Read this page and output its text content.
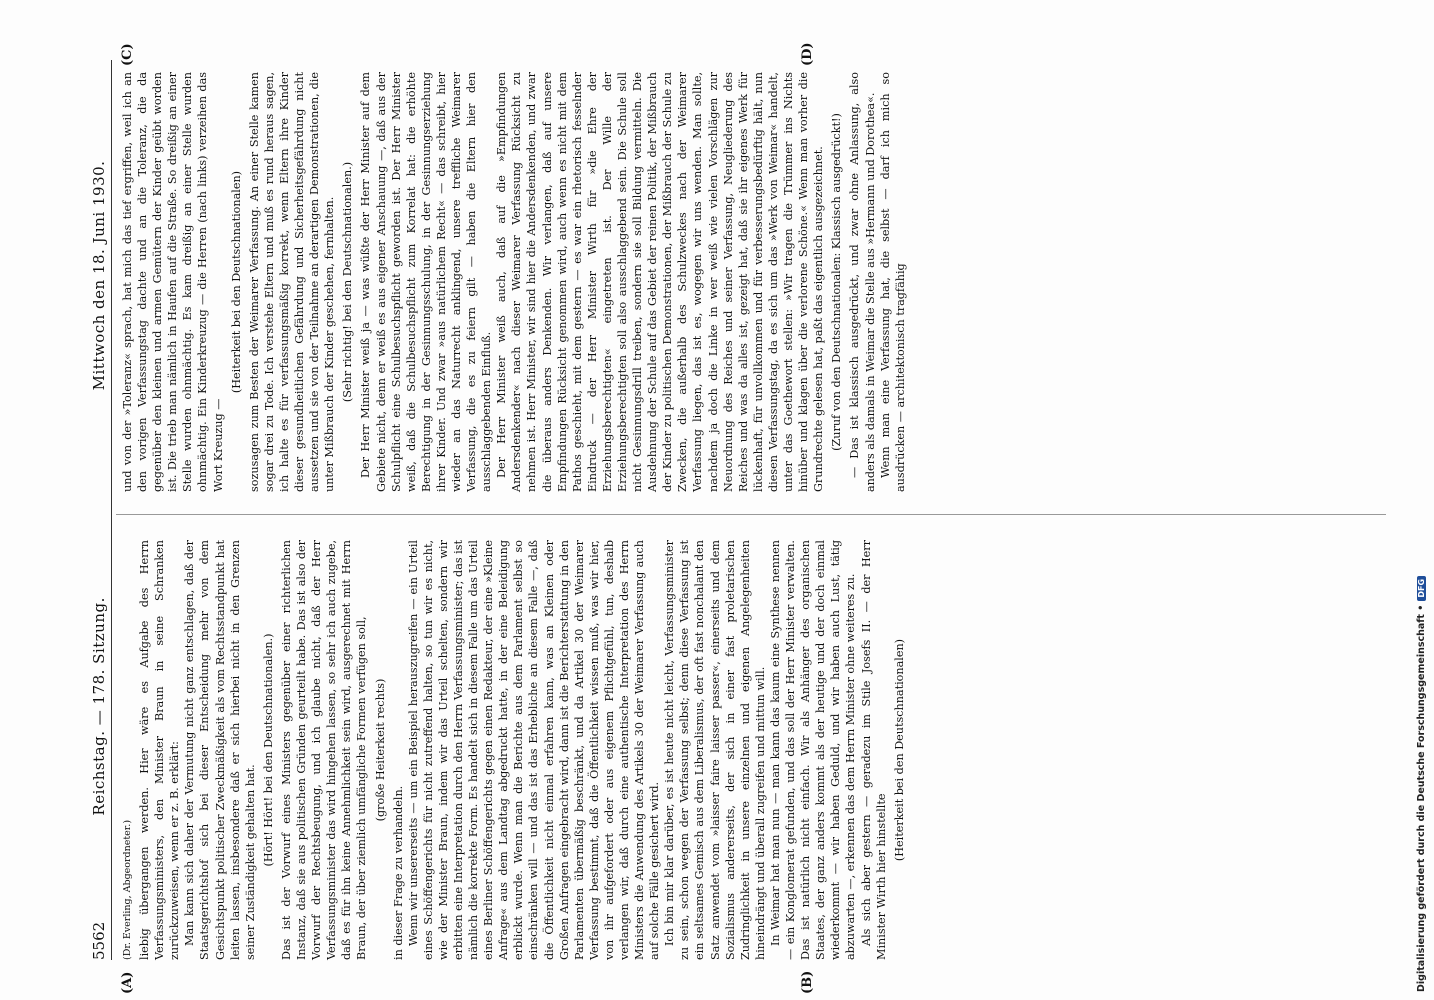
5562
Reichstag. — 178. Sitzung.
Mittwoch den 18. Juni 1930.

(Dr. Everling, Abgeordneter.) liebig übergangen werden. Hier wäre es Aufgabe des Herrn Verfassungsministers, den Minister Braun in seine Schranken zurückzuweisen, wenn er z. B. erklärt: Man kann sich daher der Vermutung nicht ganz entschlagen, daß der Staatsgerichtshof sich bei dieser Entscheidung mehr von dem Gesichtspunkt politischer Zweckmäßigkeit als vom Rechtsstandpunkt hat leiten lassen, insbesondere daß er sich hierbei nicht in den Grenzen seiner Zuständigkeit gehalten hat. (Hört! Hört! bei den Deutschnationalen.) Das ist der Vorwurf eines Ministers gegenüber einer richterlichen Instanz, daß sie aus politischen Gründen geurteilt habe. Das ist also der Vorwurf der Rechtsbeugung, und ich glaube nicht, daß der Herr Verfassungsminister das wird hingehen lassen, so sehr ich auch zugebe, daß es für ihn keine Annehmlichkeit sein wird, ausgerechnet mit Herrn Braun, der über ziemlich umfängliche Formen verfügen soll, (große Heiterkeit rechts)

in dieser Frage zu verhandeln. Wenn wir unsererseits — um ein Beispiel herauszugreifen — ein Urteil eines Schöffengerichts für nicht zutreffend halten, so tun wir es nicht, wie der Minister Braun, indem wir das Urteil schelten, sondern wir erbitten eine Interpretation durch den Herrn Verfassungsminister; das ist nämlich die korrekte Form. Es handelt sich in diesem Falle um das Urteil eines Berliner Schöffengerichts gegen einen Redakteur, der eine »Kleine Anfrage« aus dem Landtag abgedruckt hatte, in der eine Beleidigung erblickt wurde. Wenn man die Berichte aus dem Parlament selbst so einschränken will — und das ist das Erhebliche an diesem Falle —, daß die Öffentlichkeit nicht einmal erfahren kann, was an Kleinen oder Großen Anfragen eingebracht wird, dann ist die Berichterstattung in den Parlamenten übermäßig beschränkt, und da Artikel 30 der Weimarer Verfassung bestimmt, daß die Öffentlichkeit wissen muß, was wir hier, von ihr aufgefordert oder aus eigenem Pflichtgefühl, tun, deshalb verlangen wir, daß durch eine authentische Interpretation des Herrn Ministers die Anwendung des Artikels 30 der Weimarer Verfassung auch auf solche Fälle gesichert wird. Ich bin mir klar darüber, es ist heute nicht leicht, Verfassungsminister zu sein, schon wegen der Verfassung selbst; denn diese Verfassung ist ein seltsames Gemisch aus dem Liberalismus, der oft fast nonchalant den Satz anwendet vom »laisser faire laisser passer«, einerseits und dem Sozialismus andererseits, der sich in einer fast proletarischen Zudringlichkeit in unsere einzelnen und eigenen Angelegenheiten hineindrängt und überall zugreifen und mittun will. In Weimar hat man nun — man kann das kaum eine Synthese nennen — ein Konglomerat gefunden, und das soll der Herr Minister verwalten. Das ist natürlich nicht einfach. Wir als Anhänger des organischen Staates, der ganz anders kommt als der heutige und der doch einmal wiederkommt — wir haben Geduld, und wir haben auch Lust, tätig abzuwarten —, erkennen das dem Herrn Minister ohne weiteres zu. Als sich aber gestern — geradezu im Stile Josefs II. — der Herr Minister Wirth hier hinstellte

(Heiterkeit bei den Deutschnationalen)

und von der »Toleranz« sprach, hat mich das tief ergriffen, weil ich an den vorigen Verfassungstag dachte und an die Toleranz, die da gegenüber den kleinen und armen Gemütern der Kinder geübt worden ist. Die trieb man nämlich in Haufen auf die Straße. So dreißig an einer Stelle wurden ohnmächtig. Es kam dreißig an einer Stelle wurden ohnmächtig. Ein Kinderkreuzug — die Herren (nach links) verzeihen das Wort Kreuzug —

(Heiterkeit bei den Deutschnationalen) sozusagen zum Besten der Weimarer Verfassung. An einer Stelle kamen sogar drei zu Tode. Ich verstehe Eltern und muß es rund heraus sagen, ich halte es für verfassungsmäßig korrekt, wenn Eltern ihre Kinder dieser gesundheitlichen Gefährdung und Sicherheitsgefährdung nicht aussetzen und sie von der Teilnahme an derartigen Demonstrationen, die unter Mißbrauch der Kinder geschehen, fernhalten. (Sehr richtig! bei den Deutschnationalen.) Der Herr Minister weiß ja — was wüßte der Herr Minister auf dem Gebiete nicht, denn er weiß es aus eigener Anschauung —, daß aus der Schulpflicht eine Schulbesuchspflicht geworden ist. Der Herr Minister weiß, daß die Schulbesuchspflicht zum Korrelat hat: die erhöhte Berechtigung in der Gesinnungsschulung, in der Gesinnungserziehung ihrer Kinder. Und zwar »aus natürlichem Recht« — das schreibt, hier wieder an das Naturrecht anklingend, unsere treffliche Weimarer Verfassung, die es zu feiern gilt — haben die Eltern hier den ausschlaggebenden Einfluß. Der Herr Minister weiß auch, daß auf die »Empfindungen Andersdenkender« nach dieser Weimarer Verfassung Rücksicht zu nehmen ist. Herr Minister, wir sind hier die Andersdenkenden, und zwar die überaus anders Denkenden. Wir verlangen, daß auf unsere Empfindungen Rücksicht genommen wird, auch wenn es nicht mit dem Pathos geschieht, mit dem gestern — es war ein rhetorisch fesselnder Eindruck — der Herr Minister Wirth für »die Ehre der Erziehungsberechtigten« eingetreten ist. Der Wille der Erziehungsberechtigten soll also ausschlaggebend sein. Die Schule soll nicht Gesinnungsdrill treiben, sondern sie soll Bildung vermitteln. Die Ausdehnung der Schule auf das Gebiet der reinen Politik, der Mißbrauch der Kinder zu politischen Demonstrationen, der Mißbrauch der Schule zu Zwecken, die außerhalb des Schulzweckes nach der Weimarer Verfassung liegen, das ist es, wogegen wir uns wenden. Man sollte, nachdem ja doch die Linke in wer weiß wie vielen Vorschlägen zur Neuordnung des Reiches und seiner Verfassung, Neugliederung des Reiches und was da alles ist, gezeigt hat, daß sie ihr eigenes Werk für lückenhaft, für unvollkommen und für verbesserungsbedürftig hält, nun diesen Verfassungstag, da es sich um das »Werk von Weimar« handelt, unter das Goethewort stellen: »Wir tragen die Trümmer ins Nichts hinüber und klagen über die verlorene Schöne.« Wenn man vorher die Grundrechte gelesen hat, paßt das eigentlich ausgezeichnet. (Zuruf von den Deutschnationalen: Klassisch ausgedrückt!) — Das ist klassisch ausgedrückt, und zwar ohne Anlassung, also anders als damals in Weimar die Stelle aus »Hermann und Dorothea«. Wenn man eine Verfassung hat, die selbst — darf ich mich so ausdrücken — architektonisch tragfähig

(A)	(B)
(C)	(D)
Digitalisierung gefördert durch die Deutsche Forschungsgemeinschaft •
DFG
